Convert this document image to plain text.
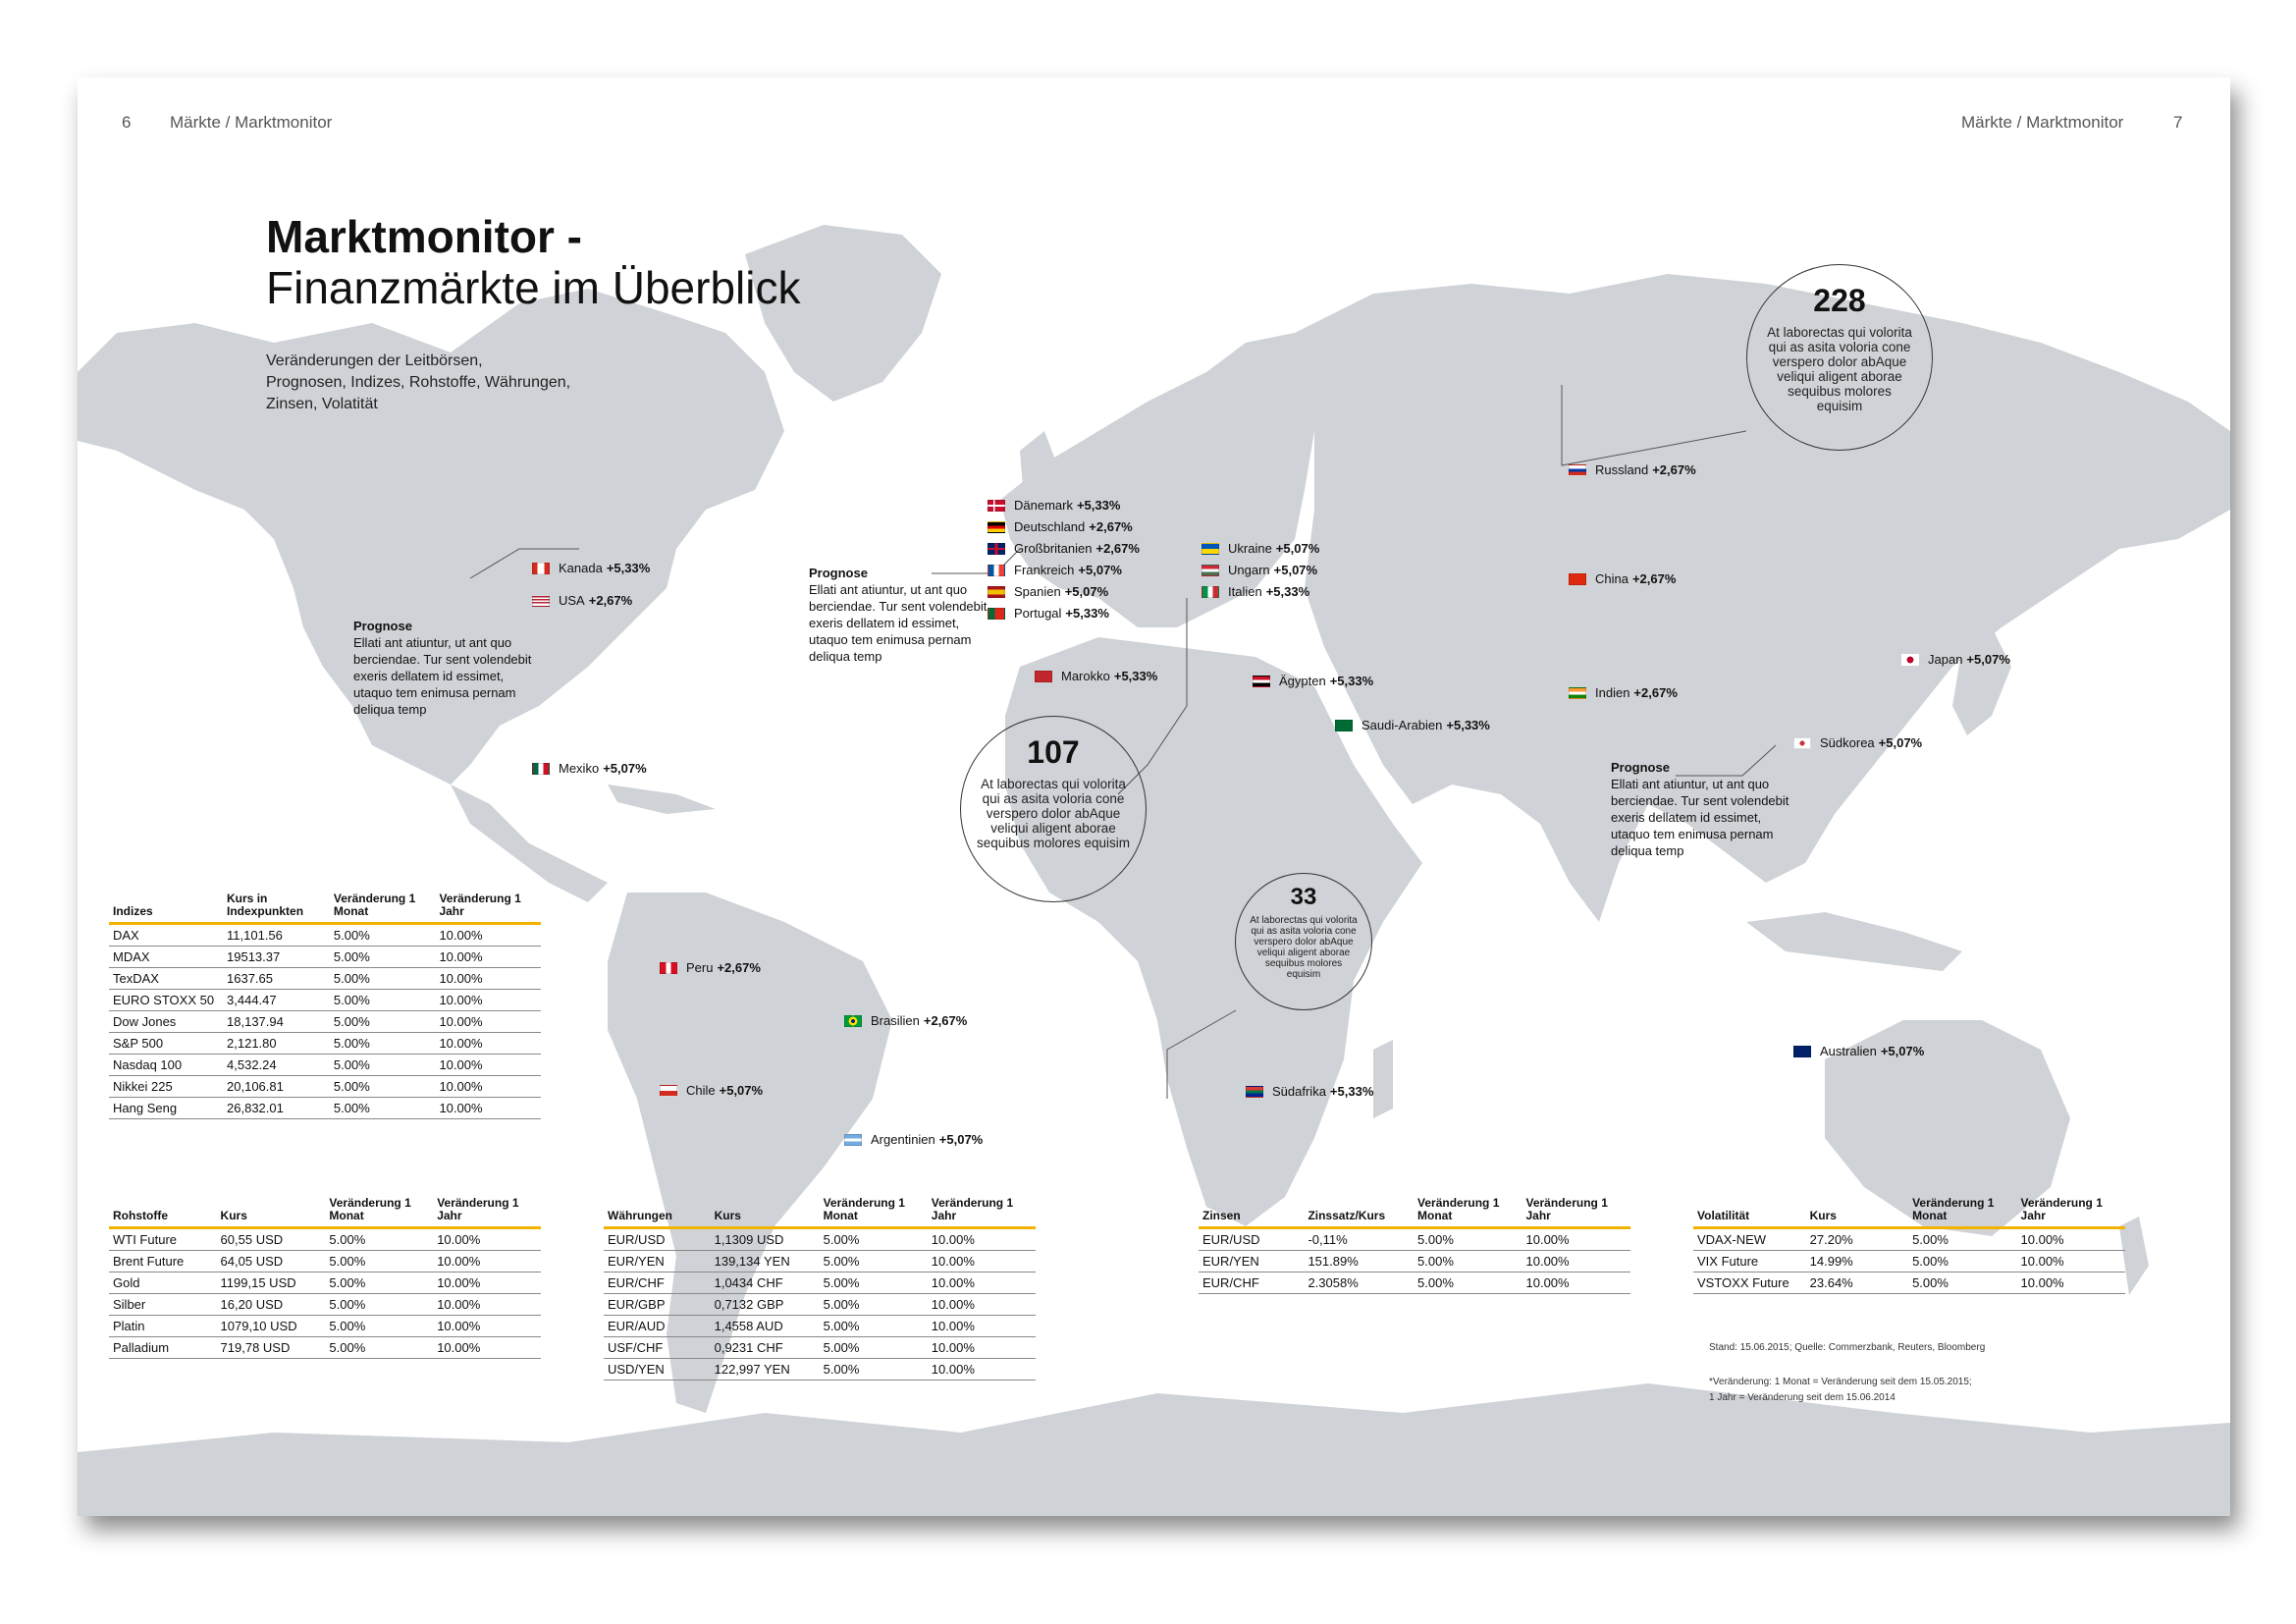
6 Märkte / Marktmonitor	Märkte / Marktmonitor	7
Marktmonitor -
Finanzmärkte im Überblick
Veränderungen der Leitbörsen,
Prognosen, Indizes, Rohstoffe, Währungen,
Zinsen, Volatität
Kanada +5,33%
USA +2,67%
Mexiko +5,07%
Peru +2,67%
Brasilien +2,67%
Chile +5,07%
Argentinien +5,07%
Dänemark +5,33%
Deutschland +2,67%
Großbritanien +2,67%
Frankreich +5,07%
Spanien +5,07%
Portugal +5,33%
Marokko +5,33%
Ukraine +5,07%
Ungarn +5,07%
Italien +5,33%
Ägypten +5,33%
Saudi-Arabien +5,33%
Südafrika +5,33%
Russland +2,67%
China +2,67%
Indien +2,67%
Japan +5,07%
Südkorea +5,07%
Australien +5,07%
Prognose
Ellati ant atiuntur, ut ant quo berciendae. Tur sent volendebit exeris dellatem id essimet, utaquo tem enimusa pernam deliqua temp
Prognose
Ellati ant atiuntur, ut ant quo berciendae. Tur sent volendebit exeris dellatem id essimet, utaquo tem enimusa pernam deliqua temp
Prognose
Ellati ant atiuntur, ut ant quo berciendae. Tur sent volendebit exeris dellatem id essimet, utaquo tem enimusa pernam deliqua temp
228
At laborectas qui volorita qui as asita voloria cone verspero dolor abAque veliqui aligent aborae sequibus molores equisim
107
At laborectas qui volorita qui as asita voloria cone verspero dolor abAque veliqui aligent aborae sequibus molores equisim
33
At laborectas qui volorita qui as asita voloria cone verspero dolor abAque veliqui aligent aborae sequibus molores equisim
Indizes	Kurs in Indexpunkten	Veränderung 1 Monat	Veränderung 1 Jahr
DAX	11,101.56	5.00%	10.00%
MDAX	19513.37	5.00%	10.00%
TexDAX	1637.65	5.00%	10.00%
EURO STOXX 50	3,444.47	5.00%	10.00%
Dow Jones	18,137.94	5.00%	10.00%
S&P 500	2,121.80	5.00%	10.00%
Nasdaq 100	4,532.24	5.00%	10.00%
Nikkei 225	20,106.81	5.00%	10.00%
Hang Seng	26,832.01	5.00%	10.00%
Rohstoffe	Kurs	Veränderung 1 Monat	Veränderung 1 Jahr
WTI Future	60,55 USD	5.00%	10.00%
Brent Future	64,05 USD	5.00%	10.00%
Gold	1199,15 USD	5.00%	10.00%
Silber	16,20 USD	5.00%	10.00%
Platin	1079,10 USD	5.00%	10.00%
Palladium	719,78 USD	5.00%	10.00%
Währungen	Kurs	Veränderung 1 Monat	Veränderung 1 Jahr
EUR/USD	1,1309 USD	5.00%	10.00%
EUR/YEN	139,134 YEN	5.00%	10.00%
EUR/CHF	1,0434 CHF	5.00%	10.00%
EUR/GBP	0,7132 GBP	5.00%	10.00%
EUR/AUD	1,4558 AUD	5.00%	10.00%
USF/CHF	0,9231 CHF	5.00%	10.00%
USD/YEN	122,997 YEN	5.00%	10.00%
Zinsen	Zinssatz/Kurs	Veränderung 1 Monat	Veränderung 1 Jahr
EUR/USD	-0,11%	5.00%	10.00%
EUR/YEN	151.89%	5.00%	10.00%
EUR/CHF	2.3058%	5.00%	10.00%
Volatilität	Kurs	Veränderung 1 Monat	Veränderung 1 Jahr
VDAX-NEW	27.20%	5.00%	10.00%
VIX Future	14.99%	5.00%	10.00%
VSTOXX Future	23.64%	5.00%	10.00%
Stand: 15.06.2015; Quelle: Commerzbank, Reuters, Bloomberg
*Veränderung: 1 Monat = Veränderung seit dem 15.05.2015;
1 Jahr = Veränderung seit dem 15.06.2014
